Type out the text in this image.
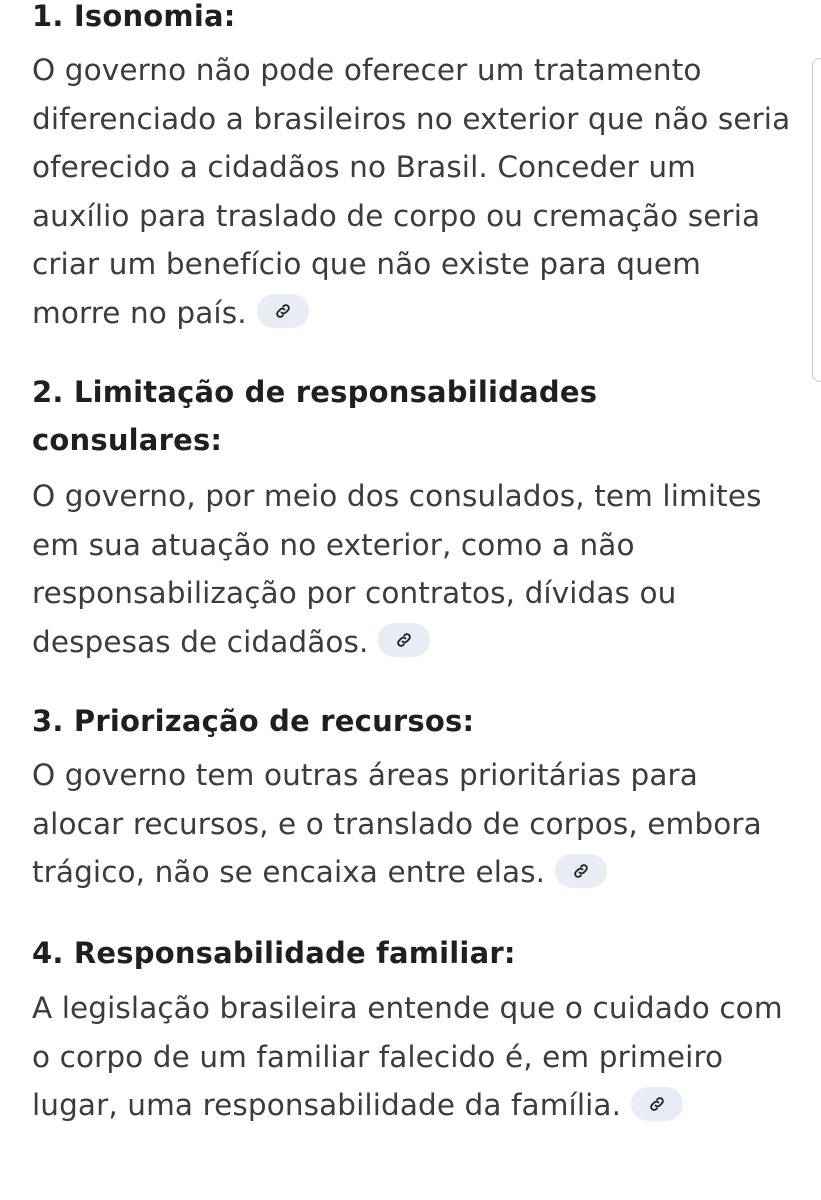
1. Isonomia:

O governo não pode oferecer um tratamento diferenciado a brasileiros no exterior que não seria oferecido a cidadãos no Brasil. Conceder um auxílio para traslado de corpo ou cremação seria criar um benefício que não existe para quem morre no país.

2. Limitação de responsabilidades consulares:

O governo, por meio dos consulados, tem limites em sua atuação no exterior, como a não responsabilização por contratos, dívidas ou despesas de cidadãos.

3. Priorização de recursos:

O governo tem outras áreas prioritárias para alocar recursos, e o translado de corpos, embora trágico, não se encaixa entre elas.

4. Responsabilidade familiar:

A legislação brasileira entende que o cuidado com o corpo de um familiar falecido é, em primeiro lugar, uma responsabilidade da família.
